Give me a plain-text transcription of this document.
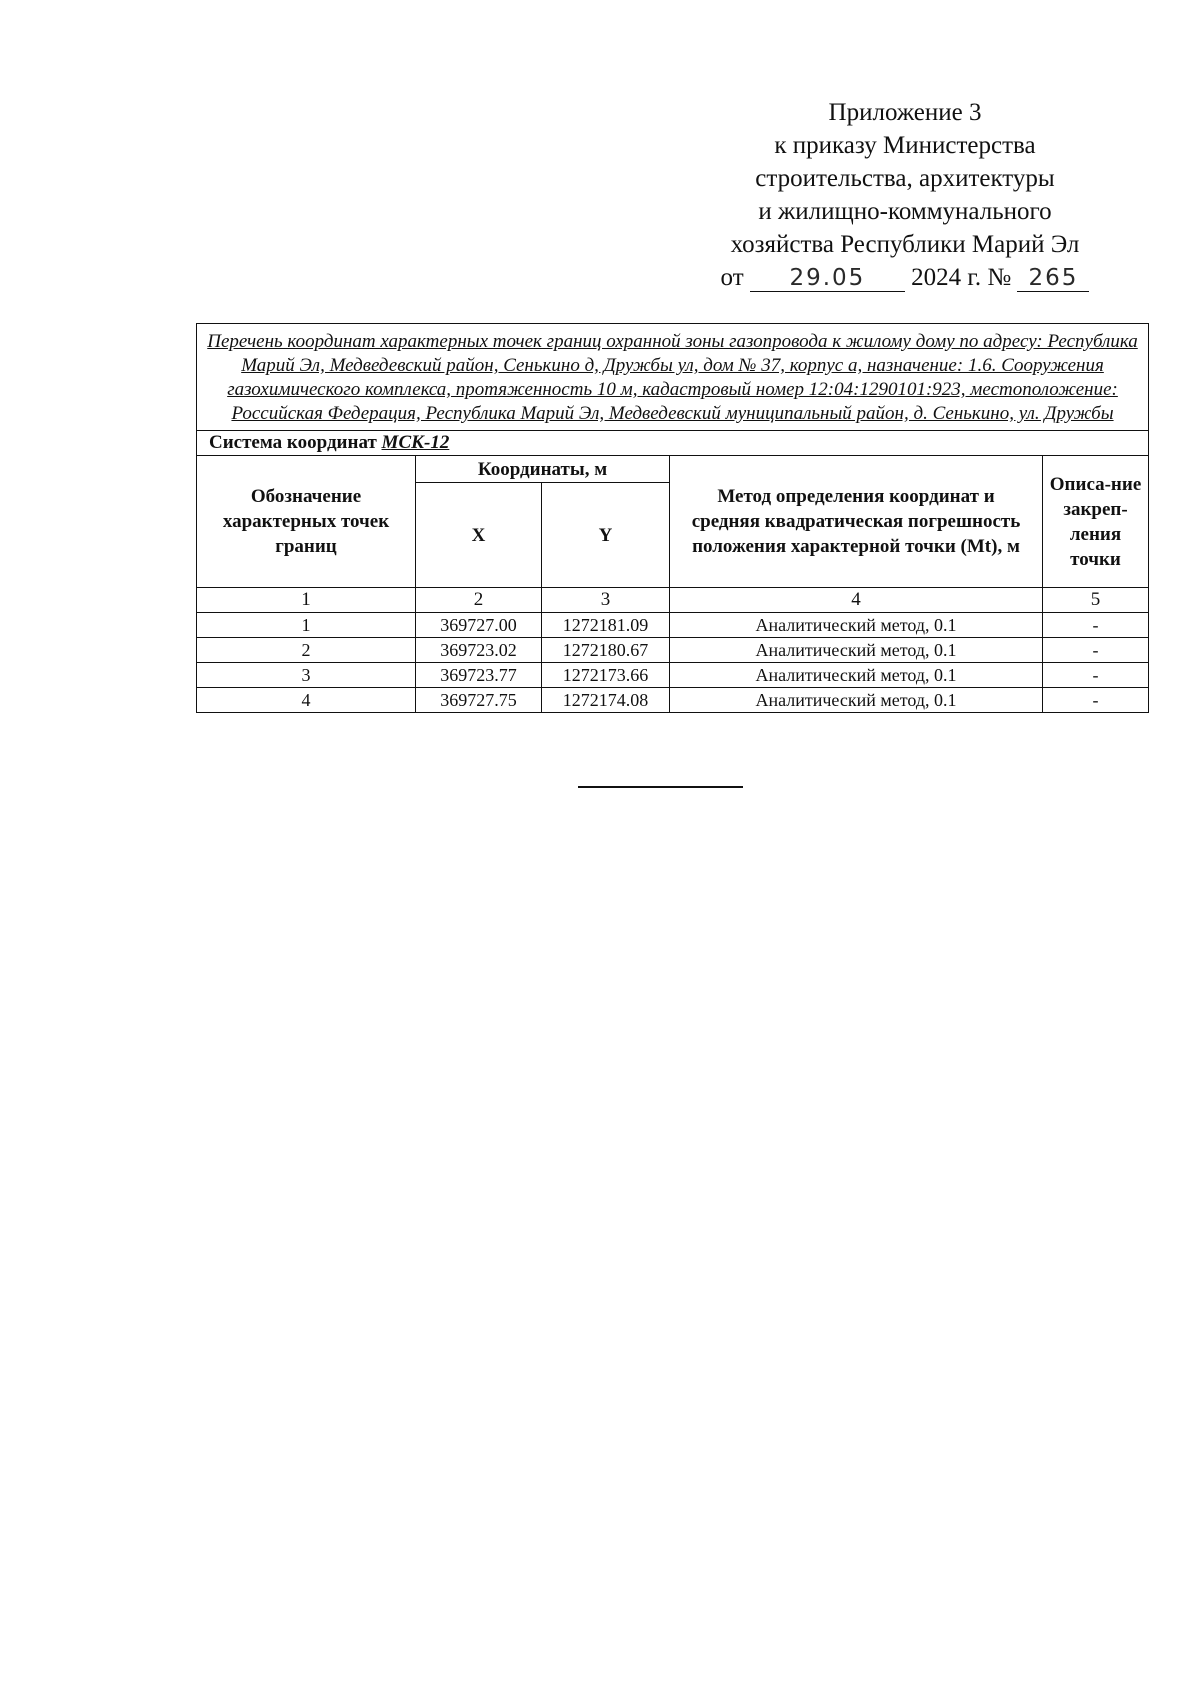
Приложение 3
к приказу Министерства
строительства, архитектуры
и жилищно-коммунального
хозяйства Республики Марий Эл
от 29.05 2024 г. № 265
Перечень координат характерных точек границ охранной зоны газопровода к жилому дому по адресу: Республика Марий Эл, Медведевский район, Сенькино д, Дружбы ул, дом № 37, корпус а, назначение: 1.6. Сооружения газохимического комплекса, протяженность 10 м, кадастровый номер 12:04:1290101:923, местоположение: Российская Федерация, Республика Марий Эл, Медведевский муниципальный район, д. Сенькино, ул. Дружбы				
Система координат МСК-12				
Обозначение характерных точек границ	Координаты, м		Метод определения координат и средняя квадратическая погрешность положения характерной точки (Mt), м	Описа-ние закреп-ления точки
	X	Y		
1	2	3	4	5
1	369727.00	1272181.09	Аналитический метод, 0.1	-
2	369723.02	1272180.67	Аналитический метод, 0.1	-
3	369723.77	1272173.66	Аналитический метод, 0.1	-
4	369727.75	1272174.08	Аналитический метод, 0.1	-
